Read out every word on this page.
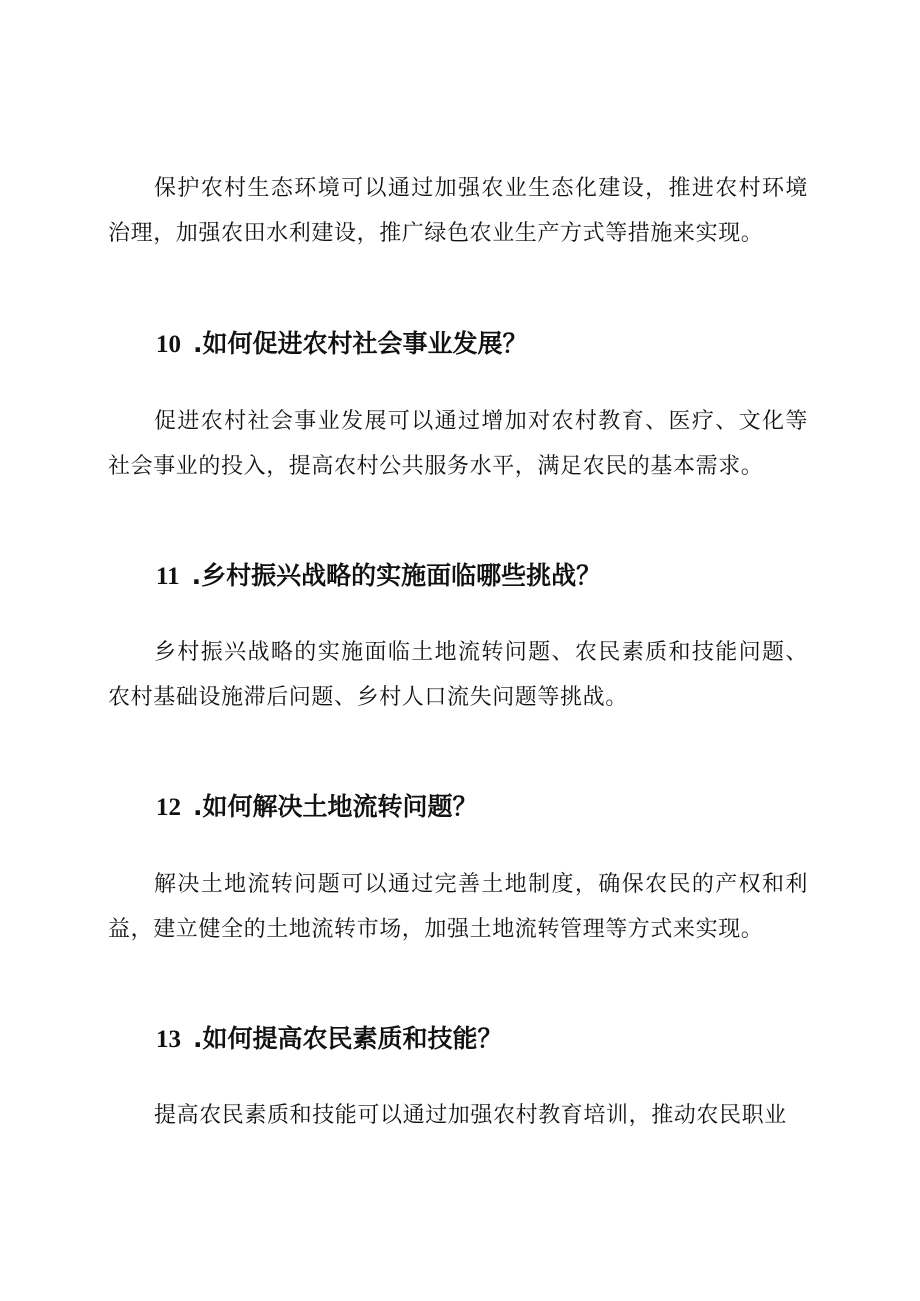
保护农村生态环境可以通过加强农业生态化建设，推进农村环境治理，加强农田水利建设，推广绿色农业生产方式等措施来实现。

10 .如何促进农村社会事业发展？

促进农村社会事业发展可以通过增加对农村教育、医疗、文化等社会事业的投入，提高农村公共服务水平，满足农民的基本需求。

11 .乡村振兴战略的实施面临哪些挑战？

乡村振兴战略的实施面临土地流转问题、农民素质和技能问题、农村基础设施滞后问题、乡村人口流失问题等挑战。

12 .如何解决土地流转问题？

解决土地流转问题可以通过完善土地制度，确保农民的产权和利益，建立健全的土地流转市场，加强土地流转管理等方式来实现。

13 .如何提高农民素质和技能？

提高农民素质和技能可以通过加强农村教育培训，推动农民职业
